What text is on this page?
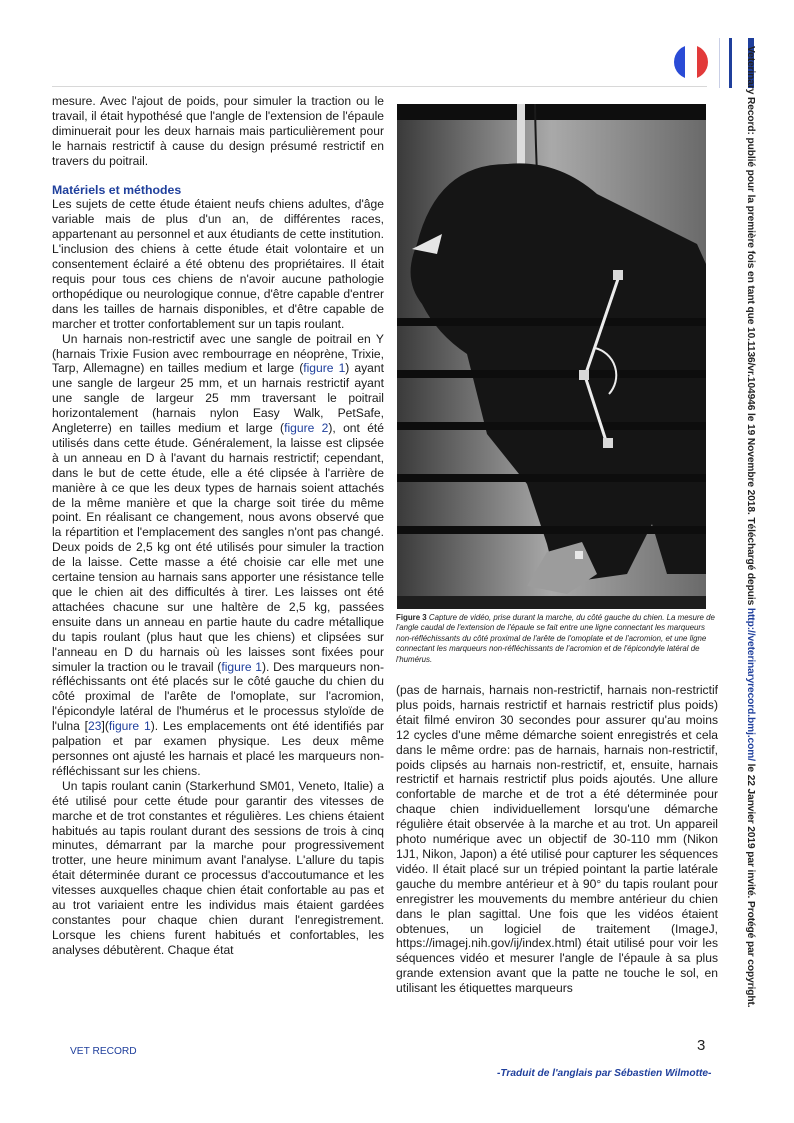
Veterinary Record: publié pour la première fois en tant que 10.1136/vr.104946 le 19 Novembre 2018. Téléchargé depuis http://veterinaryrecord.bmj.com/ le 22 Janvier 2019 par invité. Protégé par copyright.

mesure. Avec l'ajout de poids, pour simuler la traction ou le travail, il était hypothésé que l'angle de l'extension de l'épaule diminuerait pour les deux harnais mais particulièrement pour le harnais restrictif à cause du design présumé restrictif en travers du poitrail.

Matériels et méthodes

Les sujets de cette étude étaient neufs chiens adultes, d'âge variable mais de plus d'un an, de différentes races, appartenant au personnel et aux étudiants de cette institution. L'inclusion des chiens à cette étude était volontaire et un consentement éclairé a été obtenu des propriétaires. Il était requis pour tous ces chiens de n'avoir aucune pathologie orthopédique ou neurologique connue, d'être capable d'entrer dans les tailles de harnais disponibles, et d'être capable de marcher et trotter confortablement sur un tapis roulant.

Un harnais non-restrictif avec une sangle de poitrail en Y (harnais Trixie Fusion avec rembourrage en néoprène, Trixie, Tarp, Allemagne) en tailles medium et large (figure 1) ayant une sangle de largeur 25 mm, et un harnais restrictif ayant une sangle de largeur 25 mm traversant le poitrail horizontalement (harnais nylon Easy Walk, PetSafe, Angleterre) en tailles medium et large (figure 2), ont été utilisés dans cette étude. Généralement, la laisse est clipsée à un anneau en D à l'avant du harnais restrictif; cependant, dans le but de cette étude, elle a été clipsée à l'arrière de manière à ce que les deux types de harnais soient attachés de la même manière et que la charge soit tirée du même point. En réalisant ce changement, nous avons observé que la répartition et l'emplacement des sangles n'ont pas changé. Deux poids de 2,5 kg ont été utilisés pour simuler la traction de la laisse. Cette masse a été choisie car elle met une certaine tension au harnais sans apporter une résistance telle que le chien ait des difficultés à tirer. Les laisses ont été attachées chacune sur une haltère de 2,5 kg, passées ensuite dans un anneau en partie haute du cadre métallique du tapis roulant (plus haut que les chiens) et clipsées sur l'anneau en D du harnais où les laisses sont fixées pour simuler la traction ou le travail (figure 1). Des marqueurs non-réfléchissants ont été placés sur le côté gauche du chien du côté proximal de l'arête de l'omoplate, sur l'acromion, l'épicondyle latéral de l'humérus et le processus styloïde de l'ulna [23](figure 1). Les emplacements ont été identifiés par palpation et par examen physique. Les deux même personnes ont ajusté les harnais et placé les marqueurs non-réfléchissant sur les chiens.

Un tapis roulant canin (Starkerhund SM01, Veneto, Italie) a été utilisé pour cette étude pour garantir des vitesses de marche et de trot constantes et régulières. Les chiens étaient habitués au tapis roulant durant des sessions de trois à cinq minutes, démarrant par la marche pour progressivement trotter, une heure minimum avant l'analyse. L'allure du tapis était déterminée durant ce processus d'accoutumance et les vitesses auxquelles chaque chien était confortable au pas et au trot variaient entre les individus mais étaient gardées constantes pour chaque chien durant l'enregistrement. Lorsque les chiens furent habitués et confortables, les analyses débutèrent. Chaque état

Figure 3 Capture de vidéo, prise durant la marche, du côté gauche du chien. La mesure de l'angle caudal de l'extension de l'épaule se fait entre une ligne connectant les marqueurs non-réfléchissants du côté proximal de l'arête de l'omoplate et de l'acromion, et une ligne connectant les marqueurs non-réfléchissants de l'acromion et de l'épicondyle latéral de l'humérus.

(pas de harnais, harnais non-restrictif, harnais non-restrictif plus poids, harnais restrictif et harnais restrictif plus poids) était filmé environ 30 secondes pour assurer qu'au moins 12 cycles d'une même démarche soient enregistrés et cela dans le même ordre: pas de harnais, harnais non-restrictif, poids clipsés au harnais non-restrictif, et, ensuite, harnais restrictif et harnais restrictif plus poids ajoutés. Une allure confortable de marche et de trot a été déterminée pour chaque chien individuellement lorsqu'une démarche régulière était observée à la marche et au trot. Un appareil photo numérique avec un objectif de 30-110 mm (Nikon 1J1, Nikon, Japon) a été utilisé pour capturer les séquences vidéo. Il était placé sur un trépied pointant la partie latérale gauche du membre antérieur et à 90° du tapis roulant pour enregistrer les mouvements du membre antérieur du chien dans le plan sagittal. Une fois que les vidéos étaient obtenues, un logiciel de traitement (ImageJ, https://imagej.nih.gov/ij/index.html) était utilisé pour voir les séquences vidéo et mesurer l'angle de l'épaule à sa plus grande extension avant que la patte ne touche le sol, en utilisant les étiquettes marqueurs

3
VET RECORD
-Traduit de l'anglais par Sébastien Wilmotte-
